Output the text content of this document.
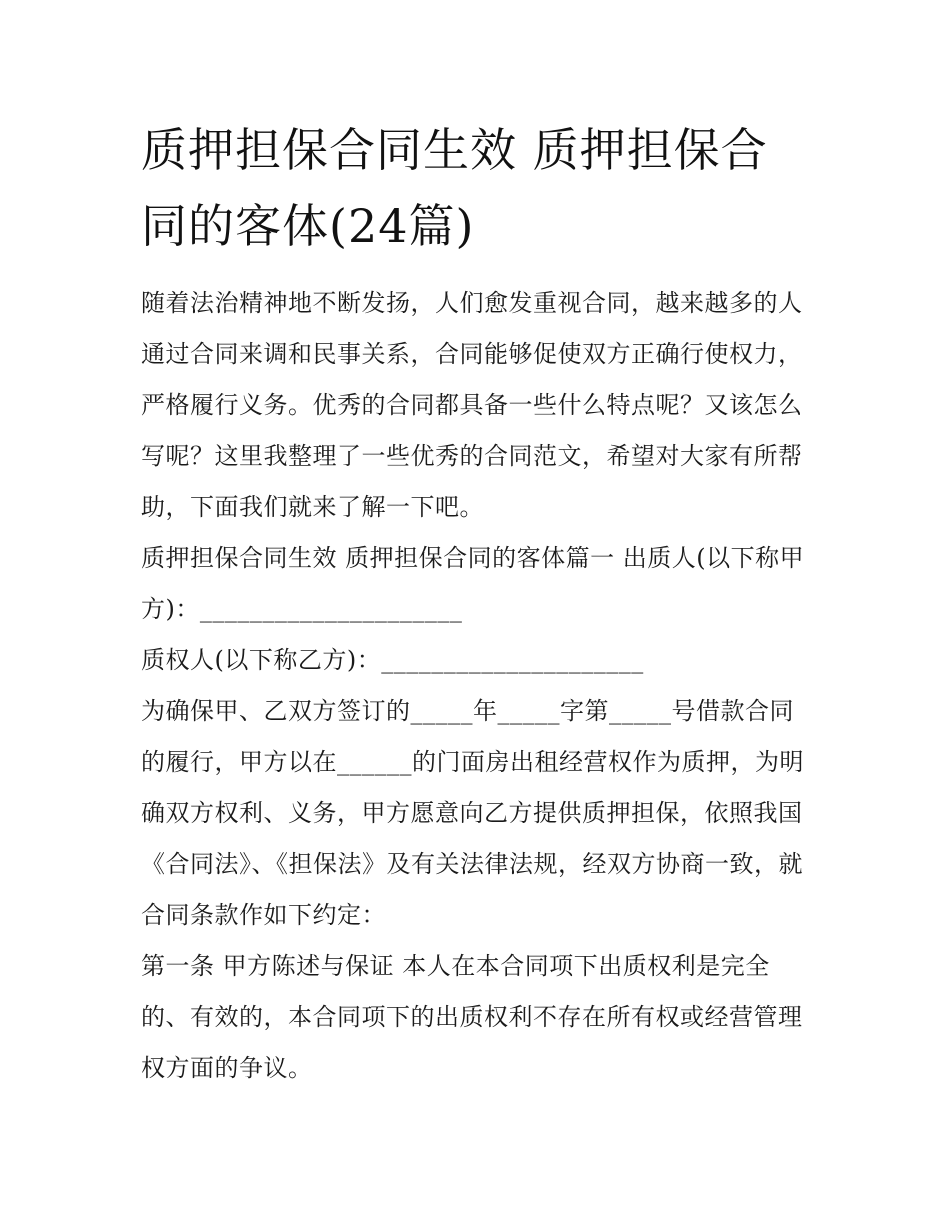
质押担保合同生效 质押担保合同的客体(24篇)

随着法治精神地不断发扬，人们愈发重视合同，越来越多的人通过合同来调和民事关系，合同能够促使双方正确行使权力，严格履行义务。优秀的合同都具备一些什么特点呢？又该怎么写呢？这里我整理了一些优秀的合同范文，希望对大家有所帮助，下面我们就来了解一下吧。

质押担保合同生效 质押担保合同的客体篇一 出质人(以下称甲方)：_____________________

质权人(以下称乙方)：_____________________

为确保甲、乙双方签订的_____年_____字第_____号借款合同的履行，甲方以在______的门面房出租经营权作为质押，为明确双方权利、义务，甲方愿意向乙方提供质押担保，依照我国《合同法》、《担保法》及有关法律法规，经双方协商一致，就合同条款作如下约定：

第一条 甲方陈述与保证 本人在本合同项下出质权利是完全的、有效的，本合同项下的出质权利不存在所有权或经营管理权方面的争议。
